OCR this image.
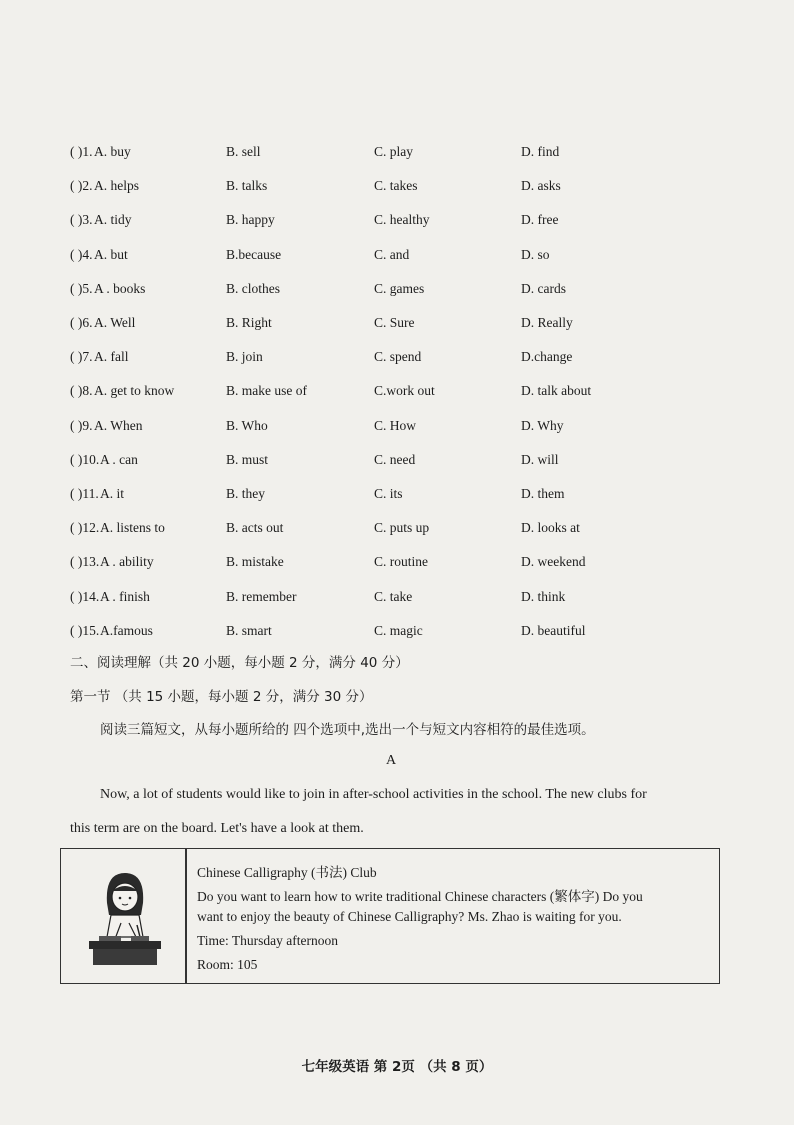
( )1. A. buy	B. sell	C. play	D. find
( )2. A. helps	B. talks	C. takes	D. asks
( )3. A. tidy	B. happy	C. healthy	D. free
( )4. A. but	B.because	C. and	D. so
( )5. A . books	B. clothes	C. games	D. cards
( )6. A. Well	B. Right	C. Sure	D. Really
( )7. A. fall	B. join	C. spend	D.change
( )8. A. get to know	B. make use of	C.work out	D. talk about
( )9. A. When	B. Who	C. How	D. Why
( )10. A . can	B. must	C. need	D. will
( )11. A. it	B. they	C. its	D. them
( )12. A. listens to	B. acts out	C. puts up	D. looks at
( )13. A . ability	B. mistake	C. routine	D. weekend
( )14. A . finish	B. remember	C. take	D. think
( )15. A.famous	B. smart	C. magic	D. beautiful
二、阅读理解（共 20 小题，每小题 2 分，满分 40 分）
第一节 （共 15 小题，每小题 2 分，满分 30 分）
阅读三篇短文，从每小题所给的 四个选项中,选出一个与短文内容相符的最佳选项。
A
Now, a lot of students would like to join in after-school activities in the school. The new clubs for
this term are on the board. Let's have a look at them.
Chinese Calligraphy (书法) Club
Do you want to learn how to write traditional Chinese characters (繁体字) Do you
want to enjoy the beauty of Chinese Calligraphy? Ms. Zhao is waiting for you.
Time: Thursday afternoon
Room: 105
七年级英语 第 2页 （共 8 页）
